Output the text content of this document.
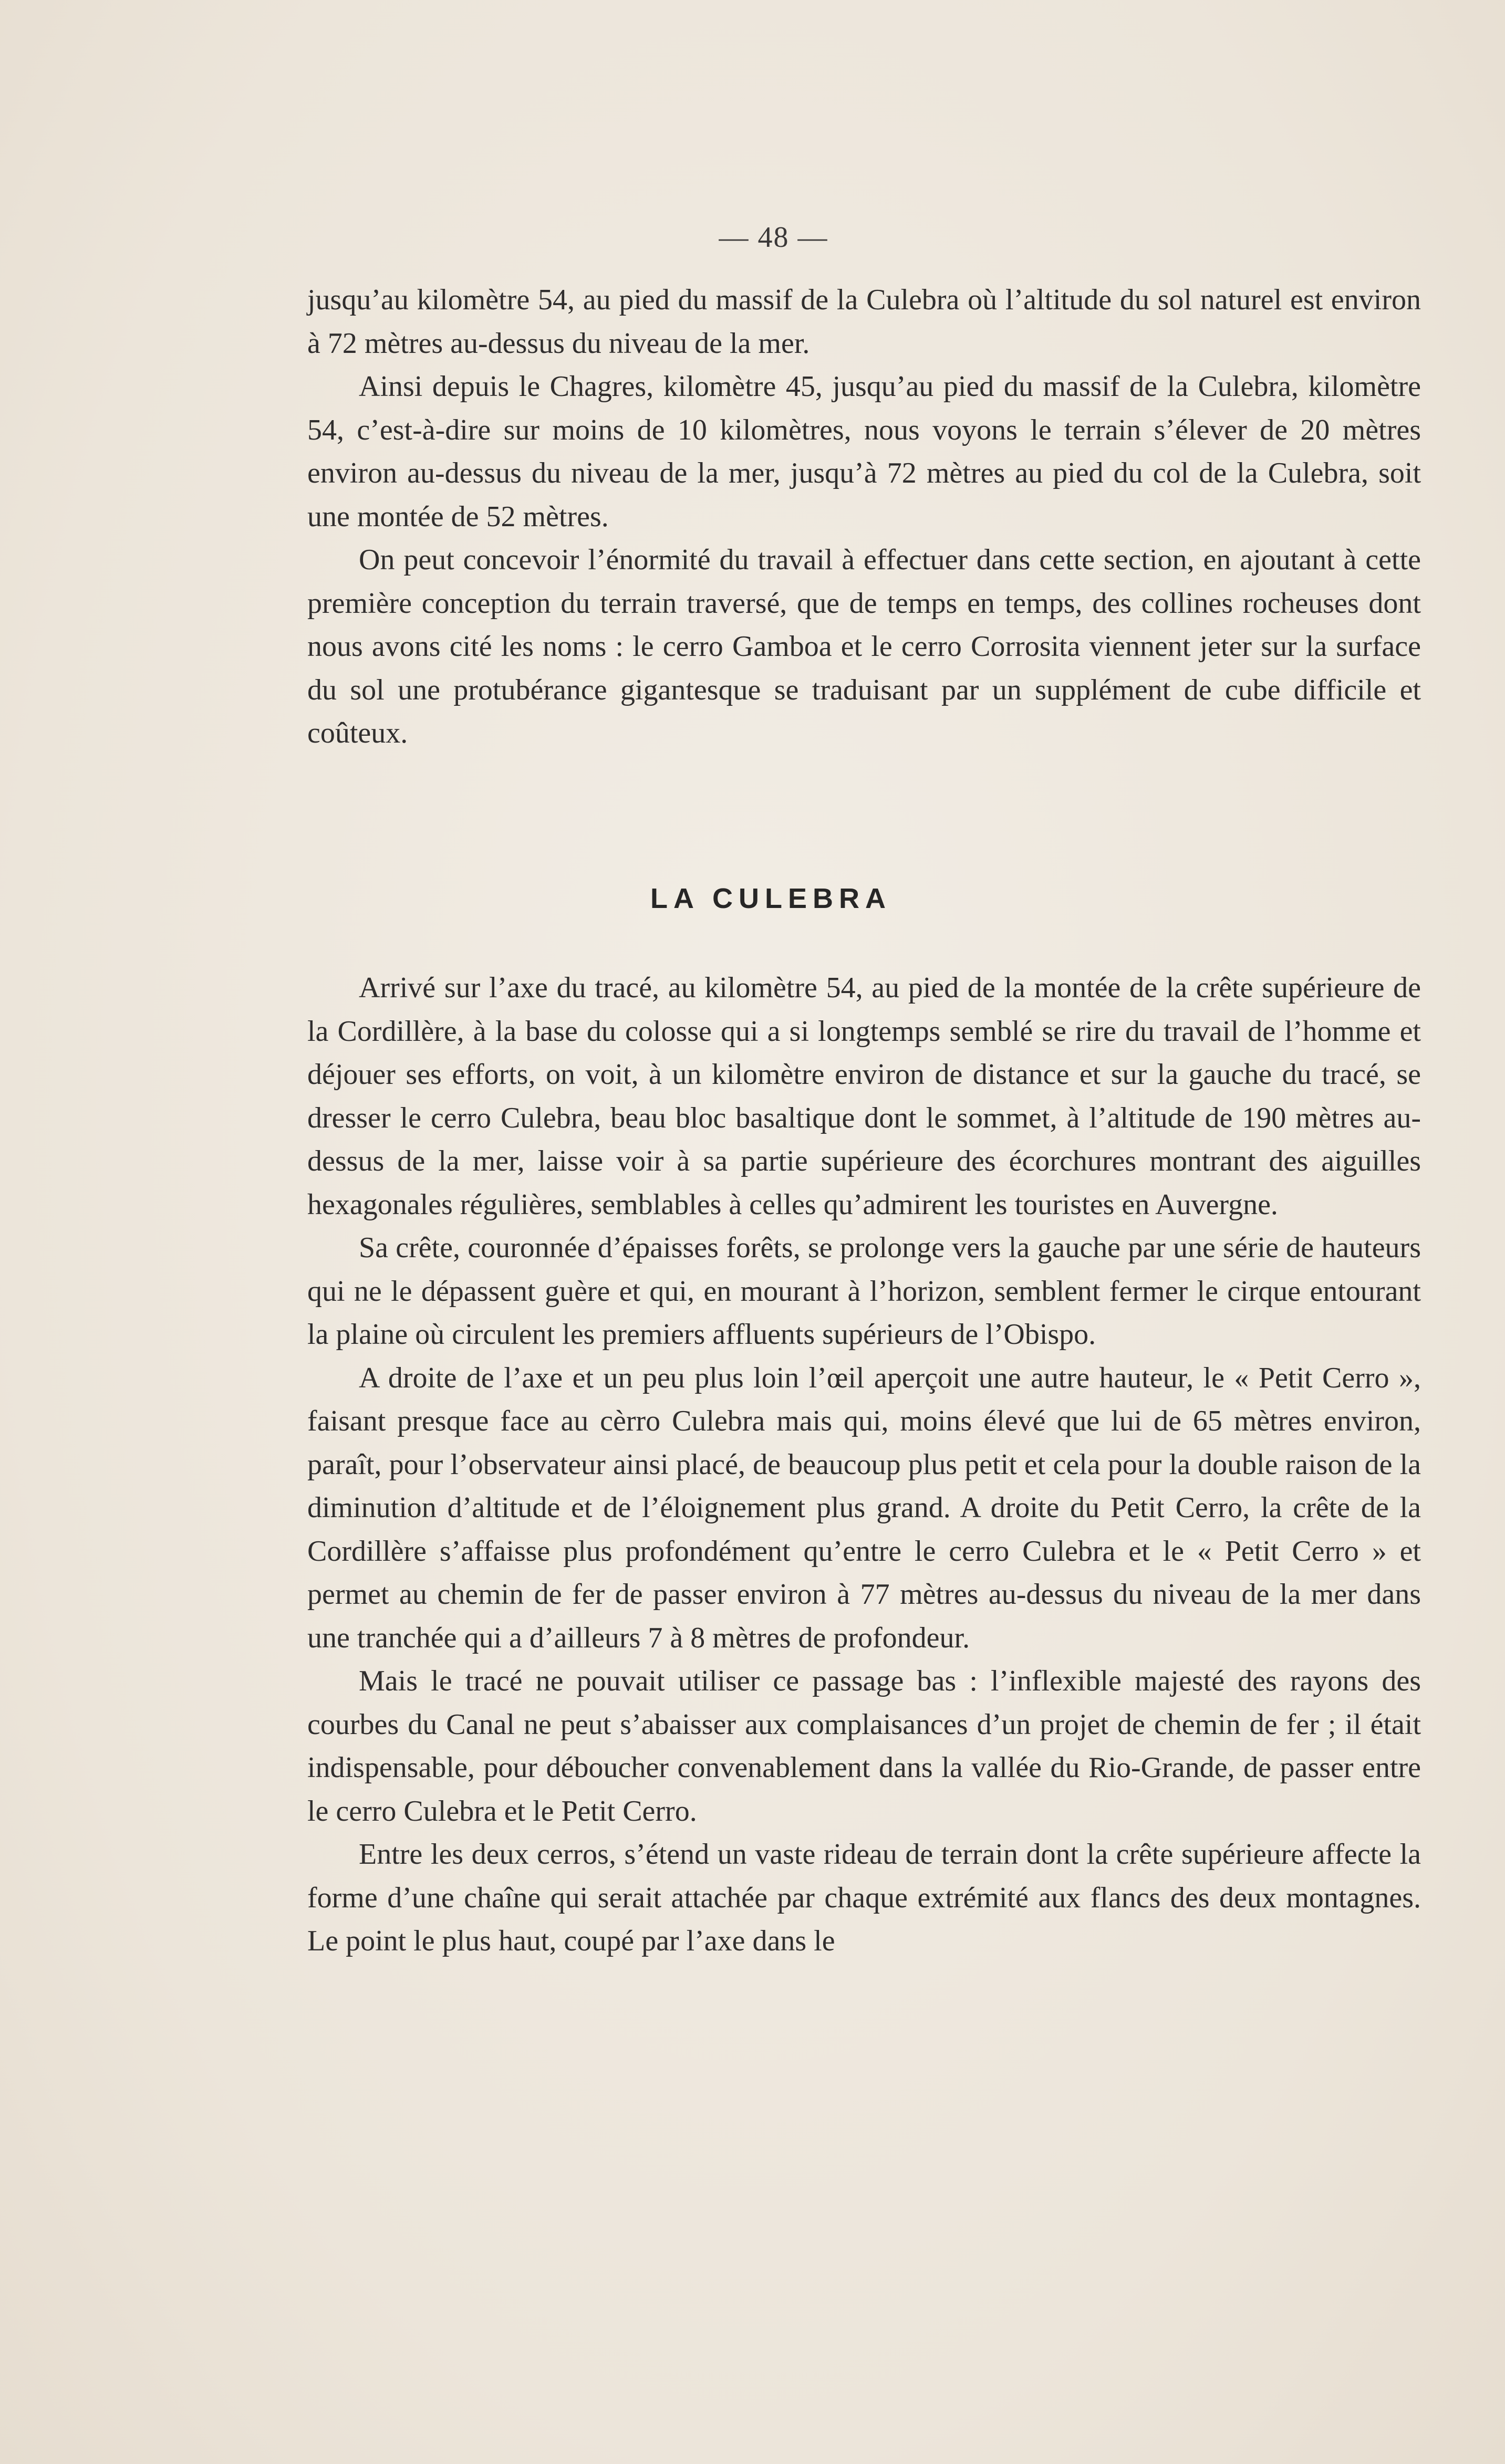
— 48 —

jusqu’au kilomètre 54, au pied du massif de la Culebra où l’altitude du sol naturel est environ à 72 mètres au-dessus du niveau de la mer.

Ainsi depuis le Chagres, kilomètre 45, jusqu’au pied du massif de la Culebra, kilomètre 54, c’est-à-dire sur moins de 10 kilomètres, nous voyons le terrain s’élever de 20 mètres environ au-dessus du niveau de la mer, jusqu’à 72 mètres au pied du col de la Culebra, soit une montée de 52 mètres.

On peut concevoir l’énormité du travail à effectuer dans cette section, en ajoutant à cette première conception du terrain traversé, que de temps en temps, des collines rocheuses dont nous avons cité les noms : le cerro Gamboa et le cerro Corrosita viennent jeter sur la surface du sol une protubérance gigantesque se traduisant par un supplément de cube difficile et coûteux.

LA CULEBRA

Arrivé sur l’axe du tracé, au kilomètre 54, au pied de la montée de la crête supérieure de la Cordillère, à la base du colosse qui a si longtemps semblé se rire du travail de l’homme et déjouer ses efforts, on voit, à un kilomètre environ de distance et sur la gauche du tracé, se dresser le cerro Culebra, beau bloc basaltique dont le sommet, à l’altitude de 190 mètres au-dessus de la mer, laisse voir à sa partie supérieure des écorchures montrant des aiguilles hexagonales régulières, semblables à celles qu’admirent les touristes en Auvergne.

Sa crête, couronnée d’épaisses forêts, se prolonge vers la gauche par une série de hauteurs qui ne le dépassent guère et qui, en mourant à l’horizon, semblent fermer le cirque entourant la plaine où circulent les premiers affluents supérieurs de l’Obispo.

A droite de l’axe et un peu plus loin l’œil aperçoit une autre hauteur, le « Petit Cerro », faisant presque face au cèrro Culebra mais qui, moins élevé que lui de 65 mètres environ, paraît, pour l’observateur ainsi placé, de beaucoup plus petit et cela pour la double raison de la diminution d’altitude et de l’éloignement plus grand. A droite du Petit Cerro, la crête de la Cordillère s’affaisse plus profondément qu’entre le cerro Culebra et le « Petit Cerro » et permet au chemin de fer de passer environ à 77 mètres au-dessus du niveau de la mer dans une tranchée qui a d’ailleurs 7 à 8 mètres de profondeur.

Mais le tracé ne pouvait utiliser ce passage bas : l’inflexible majesté des rayons des courbes du Canal ne peut s’abaisser aux complaisances d’un projet de chemin de fer ; il était indispensable, pour déboucher convenablement dans la vallée du Rio-Grande, de passer entre le cerro Culebra et le Petit Cerro.

Entre les deux cerros, s’étend un vaste rideau de terrain dont la crête supérieure affecte la forme d’une chaîne qui serait attachée par chaque extrémité aux flancs des deux montagnes. Le point le plus haut, coupé par l’axe dans le
